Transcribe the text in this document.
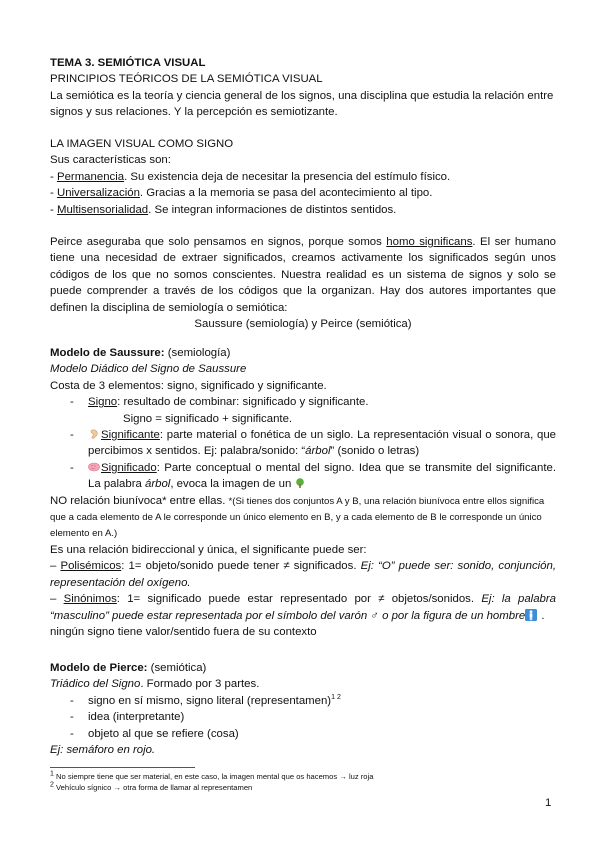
TEMA 3. SEMIÓTICA VISUAL

PRINCIPIOS TEÓRICOS DE LA SEMIÓTICA VISUAL

La semiótica es la teoría y ciencia general de los signos, una disciplina que estudia la relación entre signos y sus relaciones. Y la percepción es semiotizante.

LA IMAGEN VISUAL COMO SIGNO

Sus características son:

- Permanencia. Su existencia deja de necesitar la presencia del estímulo físico.

- Universalización. Gracias a la memoria se pasa del acontecimiento al tipo.

- Multisensorialidad. Se integran informaciones de distintos sentidos.

Peirce aseguraba que solo pensamos en signos, porque somos homo significans. El ser humano tiene una necesidad de extraer significados, creamos activamente los significados según unos códigos de los que no somos conscientes. Nuestra realidad es un sistema de signos y solo se puede comprender a través de los códigos que la organizan. Hay dos autores importantes que definen la disciplina de semiología o semiótica:

Saussure (semiología) y Peirce (semiótica)

Modelo de Saussure: (semiología)

Modelo Diádico del Signo de Saussure

Costa de 3 elementos: signo, significado y significante.

- Signo: resultado de combinar: significado y significante.

Signo = significado + significante.

-	Significante: parte material o fonética de un siglo. La representación visual o sonora, que percibimos x sentidos. Ej: palabra/sonido: “árbol” (sonido o letras)

-	Significado: Parte conceptual o mental del signo. Idea que se transmite del significante. La palabra árbol, evoca la imagen de un

NO relación biunívoca* entre ellas. *(Si tienes dos conjuntos A y B, una relación biunívoca entre ellos significa que a cada elemento de A le corresponde un único elemento en B, y a cada elemento de B le corresponde un único elemento en A.)

Es una relación bidireccional y única, el significante puede ser:

– Polisémicos: 1= objeto/sonido puede tener ≠ significados. Ej: “O” puede ser: sonido, conjunción, representación del oxígeno.

– Sinónimos: 1= significado puede estar representado por ≠ objetos/sonidos. Ej: la palabra “masculino” puede estar representada por el símbolo del varón ♂ o por la figura de un hombre .

ningún signo tiene valor/sentido fuera de su contexto

Modelo de Pierce: (semiótica)

Triádico del Signo. Formado por 3 partes.

- signo en sí mismo, signo literal (representamen)$^{1 2}$

- idea (interpretante)

- objeto al que se refiere (cosa)

Ej: semáforo en rojo.

$^1$ No siempre tiene que ser material, en este caso, la imagen mental que os hacemos → luz roja

$^2$ Vehículo sígnico → otra forma de llamar al representamen

1
